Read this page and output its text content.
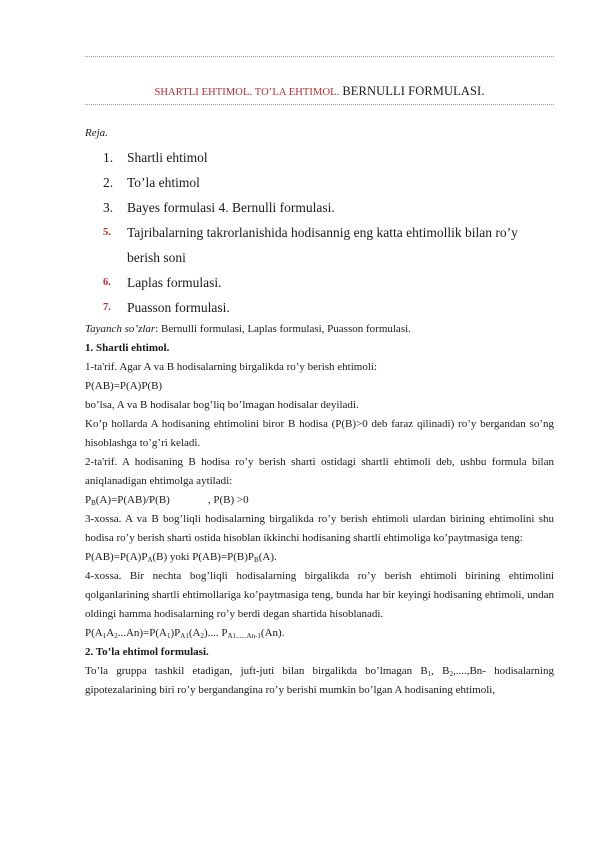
SHARTLI EHTIMOL. TO’LA EHTIMOL. BERNULLI FORMULASI.
Reja.
1.	Shartli ehtimol
2.	To’la ehtimol
3.	Bayes formulasi 4. Bernulli formulasi.
5.	Tajribalarning takrorlanishida hodisannig eng katta ehtimollik bilan ro’y
berish soni
6.	Laplas formulasi.
7.	Puasson formulasi.

Tayanch so’zlar: Bernulli formulasi, Laplas formulasi, Puasson formulasi.

1. Shartli ehtimol.

1-ta'rif. Agar A va B hodisalarning birgalikda ro’y berish ehtimoli:

P(AB)=P(A)P(B)

bo’lsa, A va B hodisalar bog’liq bo’lmagan hodisalar deyiladi.

Ko’p hollarda A hodisaning ehtimolini biror B hodisa (P(B)>0 deb faraz qilinadi) ro’y bergandan so’ng hisoblashga to’g’ri keladi.

2-ta'rif. A hodisaning B hodisa ro’y berish sharti ostidagi shartli ehtimoli deb, ushbu formula bilan aniqlanadigan ehtimolga aytiladi:

$P_B(A)=P(AB)/P(B)$	, P(B) >0

3-xossa. A va B bog’liqli hodisalarning birgalikda ro’y berish ehtimoli ulardan birining ehtimolini shu hodisa ro’y berish sharti ostida hisoblan ikkinchi hodisaning shartli ehtimoliga ko’paytmasiga teng:

$P(AB)=P(A)P_A(B)$ yoki $P(AB)=P(B)P_B(A)$.

4-xossa. Bir nechta bog’liqli hodisalarning birgalikda ro’y berish ehtimoli birining ehtimolini qolganlarining shartli ehtimollariga ko’paytmasiga teng, bunda har bir keyingi hodisaning ehtimoli, undan oldingi hamma hodisalarning ro’y berdi degan shartida hisoblanadi.

$P(A_1A_2...An)=P(A_1)P_{A1}(A_2)$.... $P_{A1......An-1}(An)$.

2. To’la ehtimol formulasi.

To’la gruppa tashkil etadigan, juft-juti bilan birgalikda bo’lmagan $B_1$, $B_2,....,Bn-$ hodisalarning gipotezalarining biri ro’y bergandangina ro’y berishi mumkin bo’lgan A hodisaning ehtimoli,
